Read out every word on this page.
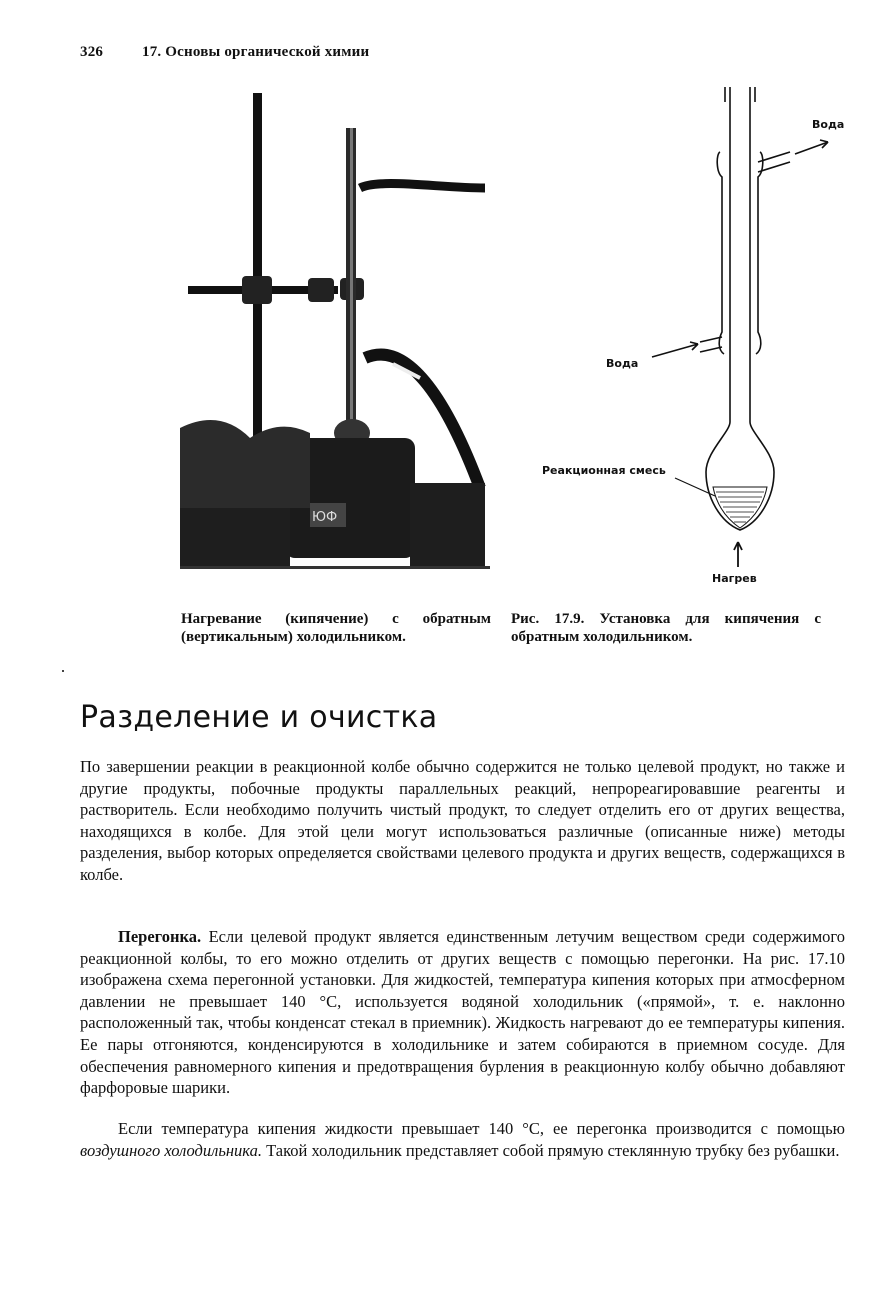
326	17. Основы органической химии
ЮФ
Вода
Вода
Реакционная смесь
Нагрев
Нагревание (кипячение) с обратным (вертикальным) холодильником.
Рис. 17.9. Установка для кипячения с обратным холодильником.
Разделение и очистка

По завершении реакции в реакционной колбе обычно содержится не только целевой продукт, но также и другие продукты, побочные продукты параллельных реакций, непрореагировавшие реагенты и растворитель. Если необходимо получить чистый продукт, то следует отделить его от других вещества, находящихся в колбе. Для этой цели могут использоваться различные (описанные ниже) методы разделения, выбор которых определяется свойствами целевого продукта и других веществ, содержащихся в колбе.

Перегонка. Если целевой продукт является единственным летучим веществом среди содержимого реакционной колбы, то его можно отделить от других веществ с помощью перегонки. На рис. 17.10 изображена схема перегонной установки. Для жидкостей, температура кипения которых при атмосферном давлении не превышает 140 °С, используется водяной холодильник («прямой», т. е. наклонно расположенный так, чтобы конденсат стекал в приемник). Жидкость нагревают до ее температуры кипения. Ее пары отгоняются, конденсируются в холодильнике и затем собираются в приемном сосуде. Для обеспечения равномерного кипения и предотвращения бурления в реакционную колбу обычно добавляют фарфоровые шарики.

Если температура кипения жидкости превышает 140 °С, ее перегонка производится с помощью воздушного холодильника. Такой холодильник представляет собой прямую стеклянную трубку без рубашки.
